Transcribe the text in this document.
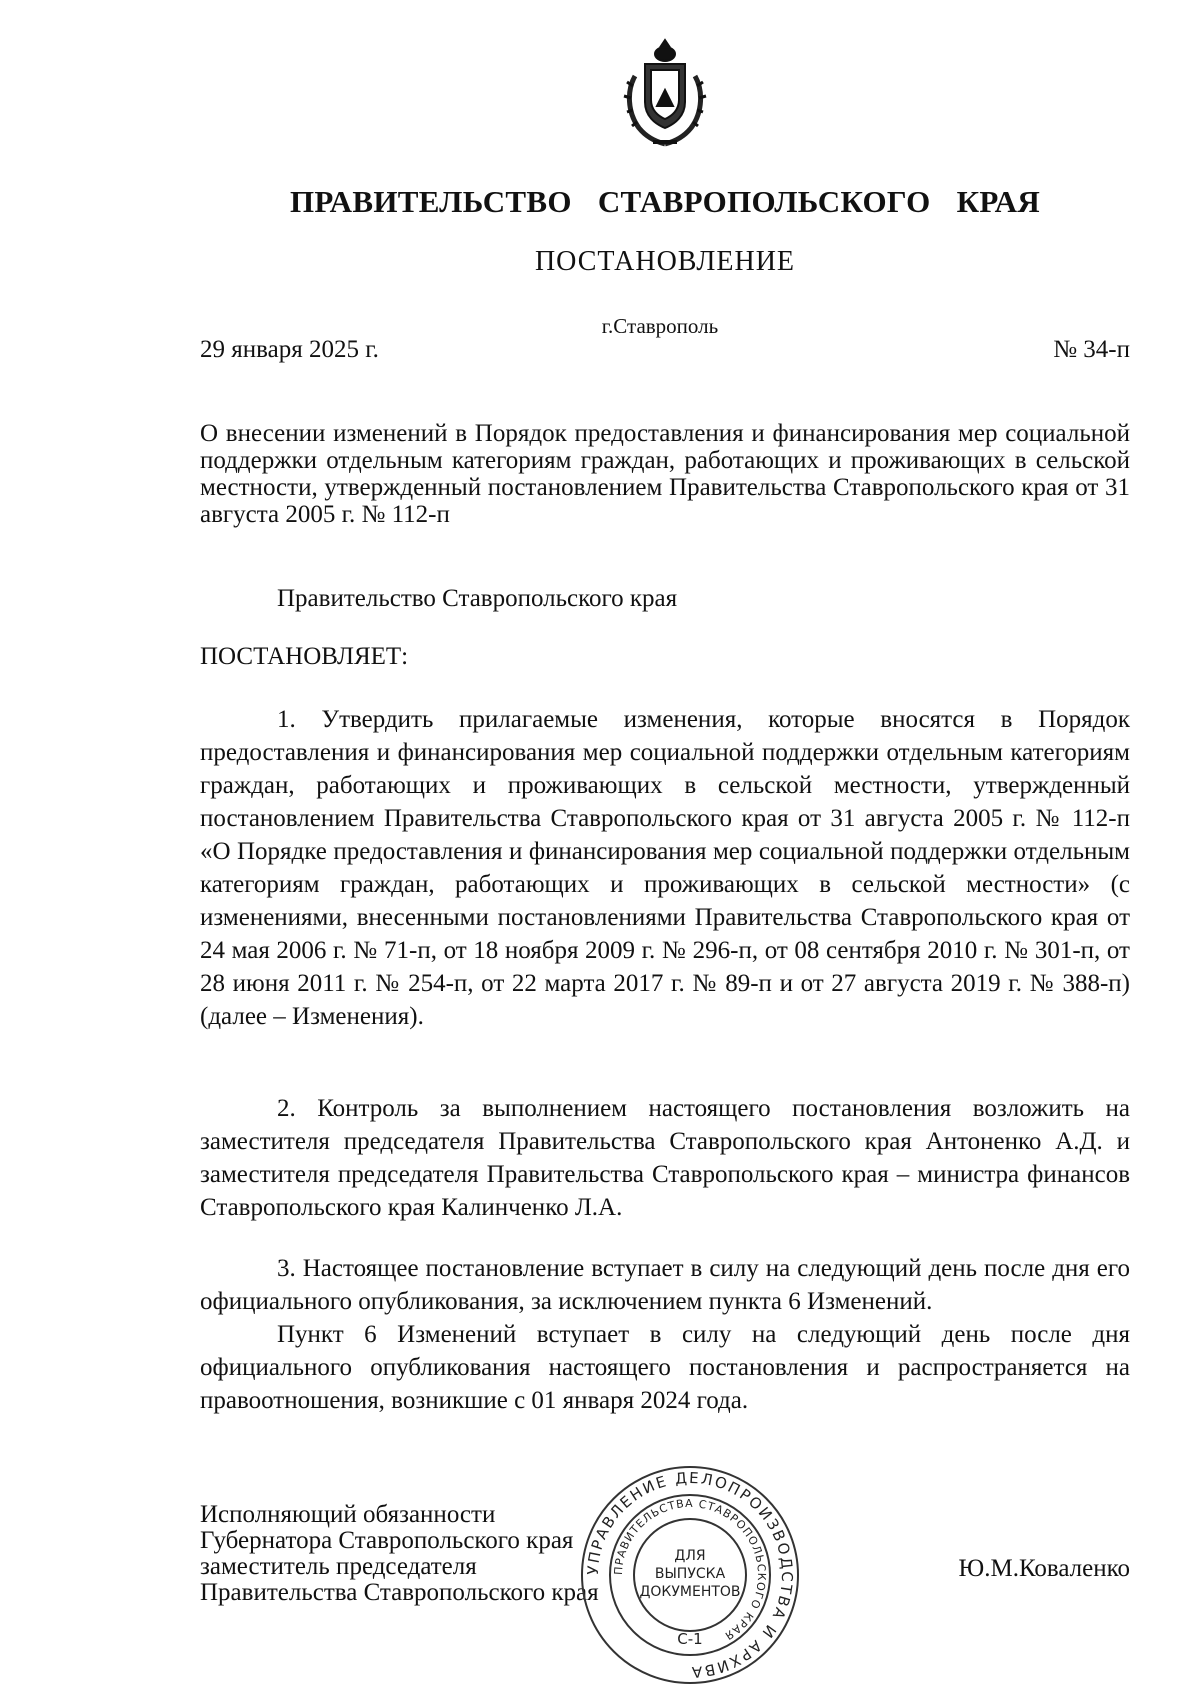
ПРАВИТЕЛЬСТВО СТАВРОПОЛЬСКОГО КРАЯ
ПОСТАНОВЛЕНИЕ
г.Ставрополь
29 января 2025 г.	№ 34-п
О внесении изменений в Порядок предоставления и финансирования мер социальной поддержки отдельным категориям граждан, работающих и проживающих в сельской местности, утвержденный постановлением Правительства Ставропольского края от 31 августа 2005 г. № 112-п
Правительство Ставропольского края
ПОСТАНОВЛЯЕТ:

1. Утвердить прилагаемые изменения, которые вносятся в Порядок предоставления и финансирования мер социальной поддержки отдельным категориям граждан, работающих и проживающих в сельской местности, утвержденный постановлением Правительства Ставропольского края от 31 августа 2005 г. № 112-п «О Порядке предоставления и финансирования мер социальной поддержки отдельным категориям граждан, работающих и проживающих в сельской местности» (с изменениями, внесенными постановлениями Правительства Ставропольского края от 24 мая 2006 г. № 71-п, от 18 ноября 2009 г. № 296-п, от 08 сентября 2010 г. № 301-п, от 28 июня 2011 г. № 254-п, от 22 марта 2017 г. № 89-п и от 27 августа 2019 г. № 388-п) (далее – Изменения).

2. Контроль за выполнением настоящего постановления возложить на заместителя председателя Правительства Ставропольского края Антоненко А.Д. и заместителя председателя Правительства Ставропольского края – министра финансов Ставропольского края Калинченко Л.А.

3. Настоящее постановление вступает в силу на следующий день после дня его официального опубликования, за исключением пункта 6 Изменений.

Пункт 6 Изменений вступает в силу на следующий день после дня официального опубликования настоящего постановления и распространяется на правоотношения, возникшие с 01 января 2024 года.

Исполняющий обязанности
Губернатора Ставропольского края
заместитель председателя
Правительства Ставропольского края
Ю.М.Коваленко
УПРАВЛЕНИЕ ДЕЛОПРОИЗВОДСТВА И АРХИВА
ПРАВИТЕЛЬСТВА СТАВРОПОЛЬСКОГО КРАЯ
ДЛЯ
ВЫПУСКА
ДОКУМЕНТОВ
С-1
